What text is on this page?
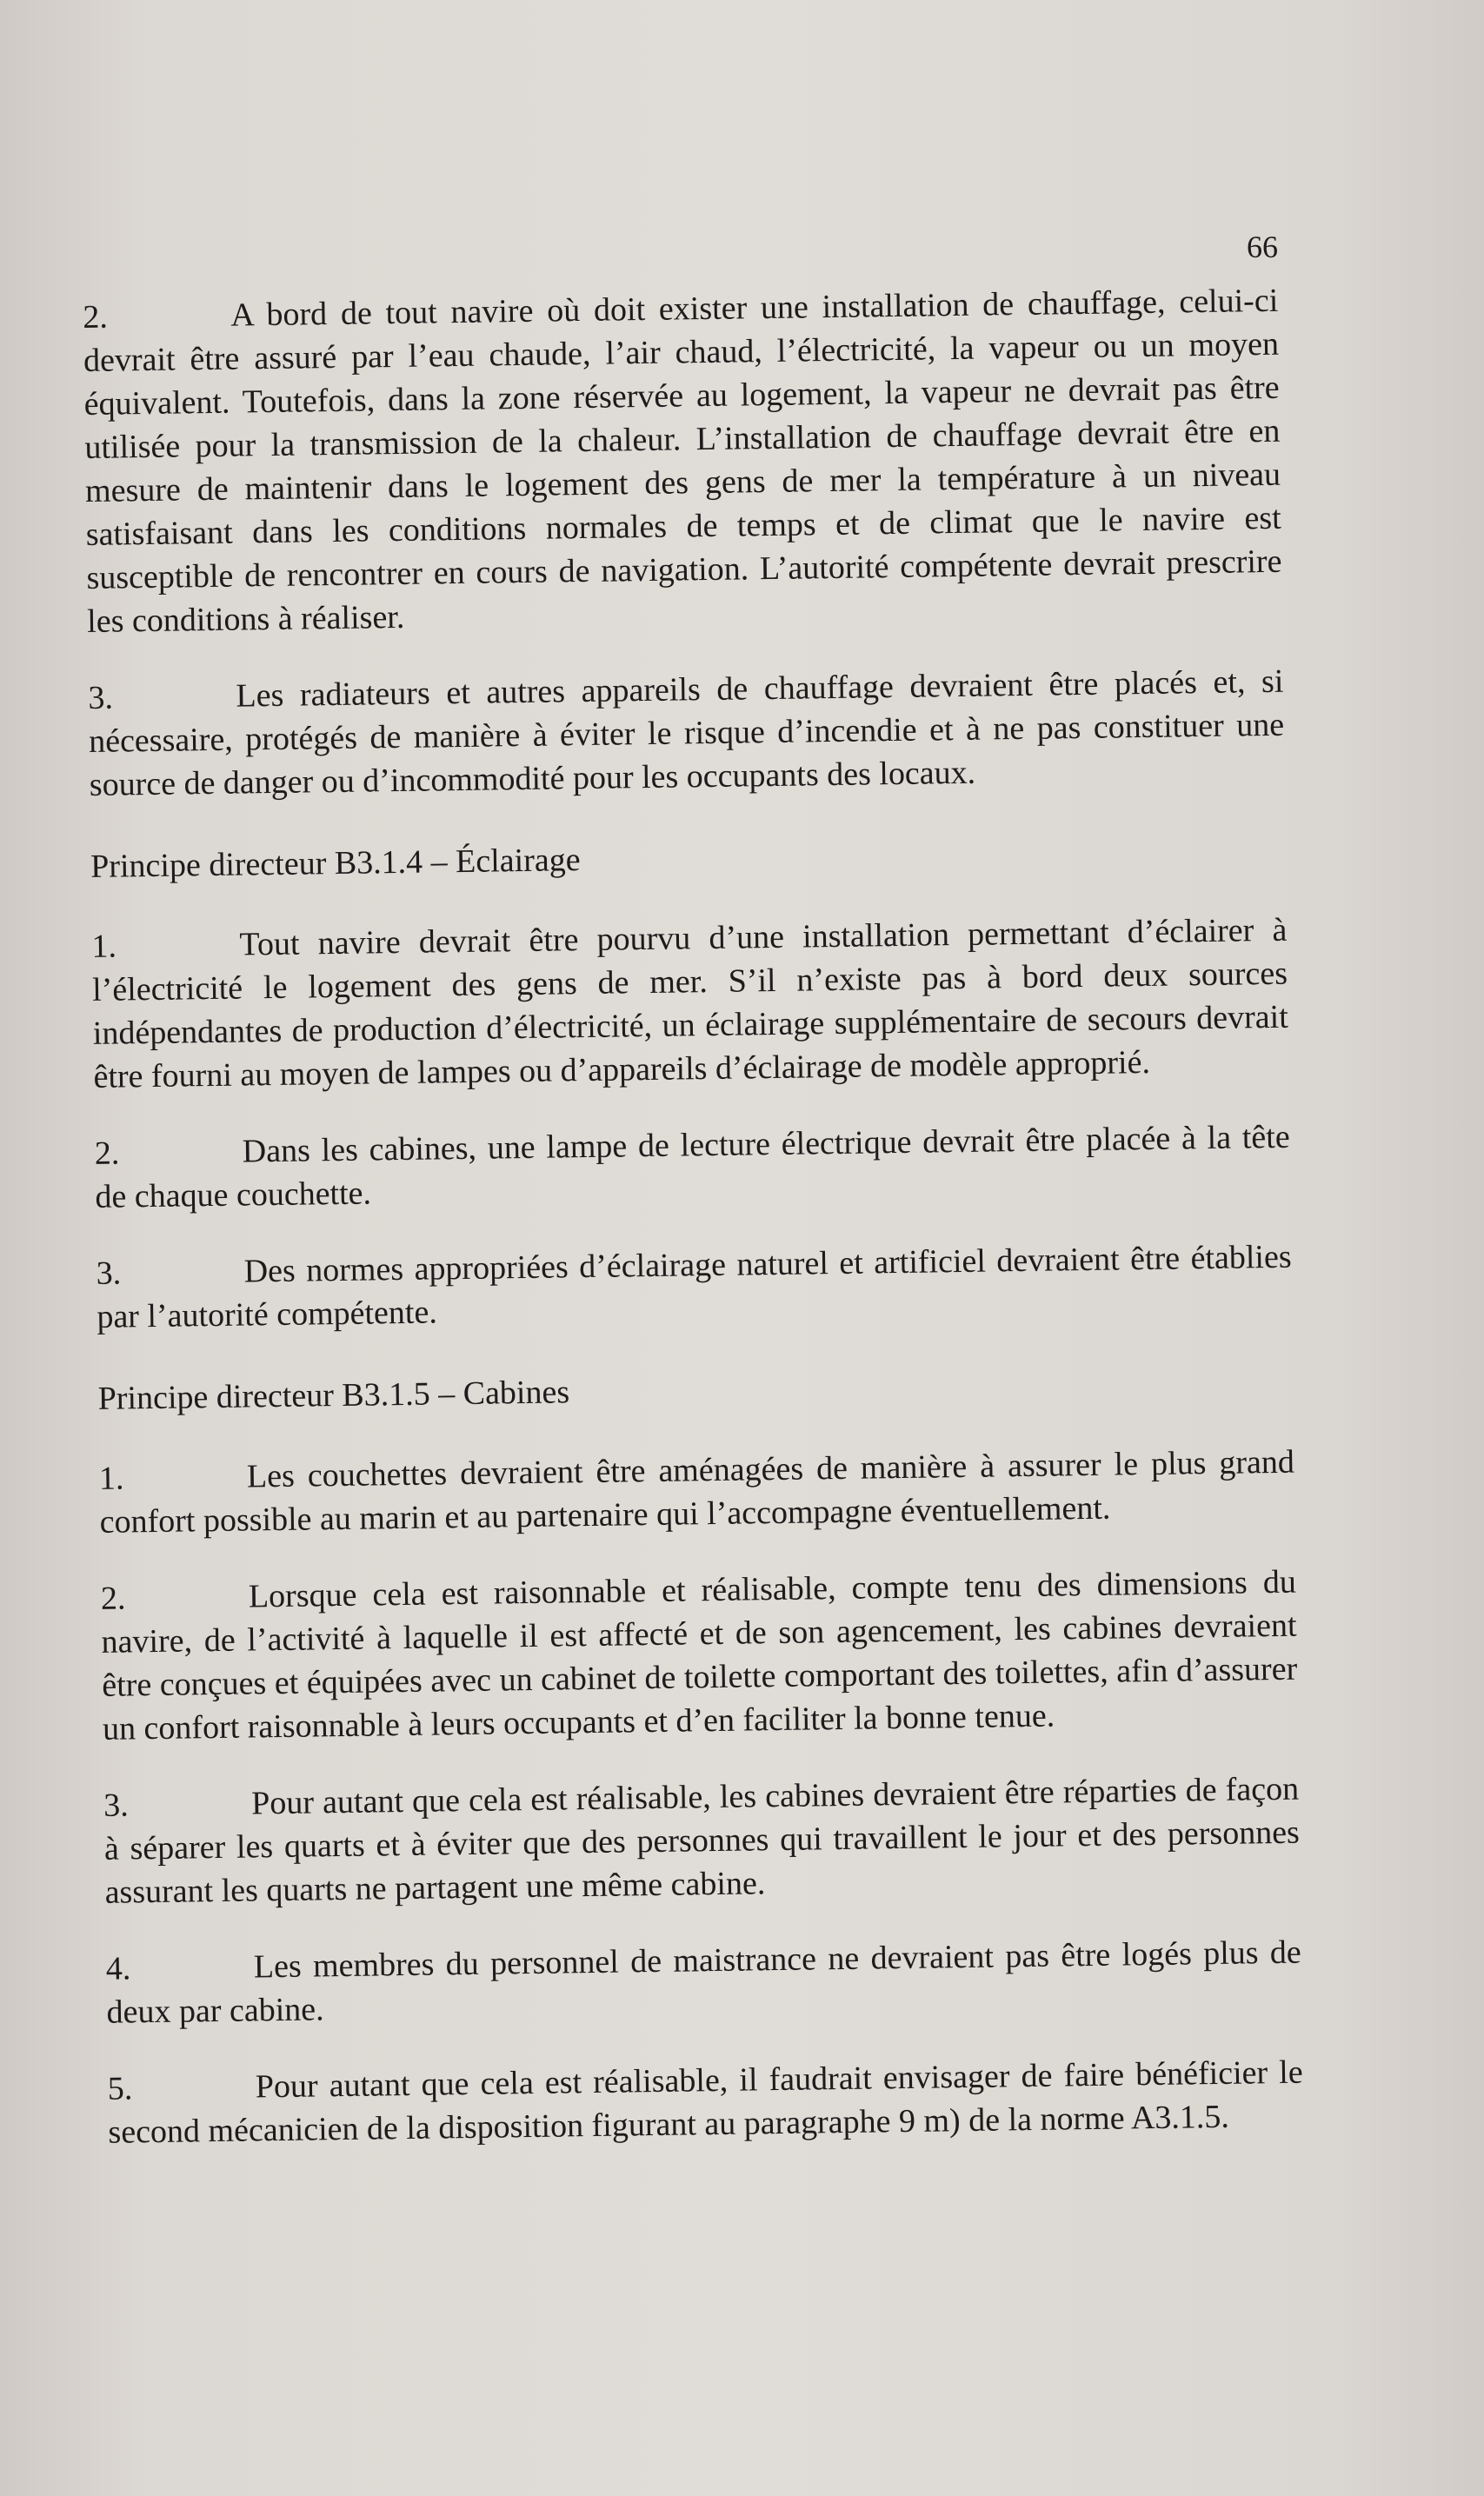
66

2.	A bord de tout navire où doit exister une installation de chauffage, celui-ci devrait être assuré par l’eau chaude, l’air chaud, l’électricité, la vapeur ou un moyen équivalent. Toutefois, dans la zone réservée au logement, la vapeur ne devrait pas être utilisée pour la transmission de la chaleur. L’installation de chauffage devrait être en mesure de maintenir dans le logement des gens de mer la température à un niveau satisfaisant dans les conditions normales de temps et de climat que le navire est susceptible de rencontrer en cours de navigation. L’autorité compétente devrait prescrire les conditions à réaliser.

3.	Les radiateurs et autres appareils de chauffage devraient être placés et, si nécessaire, protégés de manière à éviter le risque d’incendie et à ne pas constituer une source de danger ou d’incommodité pour les occupants des locaux.

Principe directeur B3.1.4 – Éclairage

1.	Tout navire devrait être pourvu d’une installation permettant d’éclairer à l’électricité le logement des gens de mer. S’il n’existe pas à bord deux sources indépendantes de production d’électricité, un éclairage supplémentaire de secours devrait être fourni au moyen de lampes ou d’appareils d’éclairage de modèle approprié.

2.	Dans les cabines, une lampe de lecture électrique devrait être placée à la tête de chaque couchette.

3.	Des normes appropriées d’éclairage naturel et artificiel devraient être établies par l’autorité compétente.

Principe directeur B3.1.5 – Cabines

1.	Les couchettes devraient être aménagées de manière à assurer le plus grand confort possible au marin et au partenaire qui l’accompagne éventuellement.

2.	Lorsque cela est raisonnable et réalisable, compte tenu des dimensions du navire, de l’activité à laquelle il est affecté et de son agencement, les cabines devraient être conçues et équipées avec un cabinet de toilette comportant des toilettes, afin d’assurer un confort raisonnable à leurs occupants et d’en faciliter la bonne tenue.

3.	Pour autant que cela est réalisable, les cabines devraient être réparties de façon à séparer les quarts et à éviter que des personnes qui travaillent le jour et des personnes assurant les quarts ne partagent une même cabine.

4.	Les membres du personnel de maistrance ne devraient pas être logés plus de deux par cabine.

5.	Pour autant que cela est réalisable, il faudrait envisager de faire bénéficier le second mécanicien de la disposition figurant au paragraphe 9 m) de la norme A3.1.5.
